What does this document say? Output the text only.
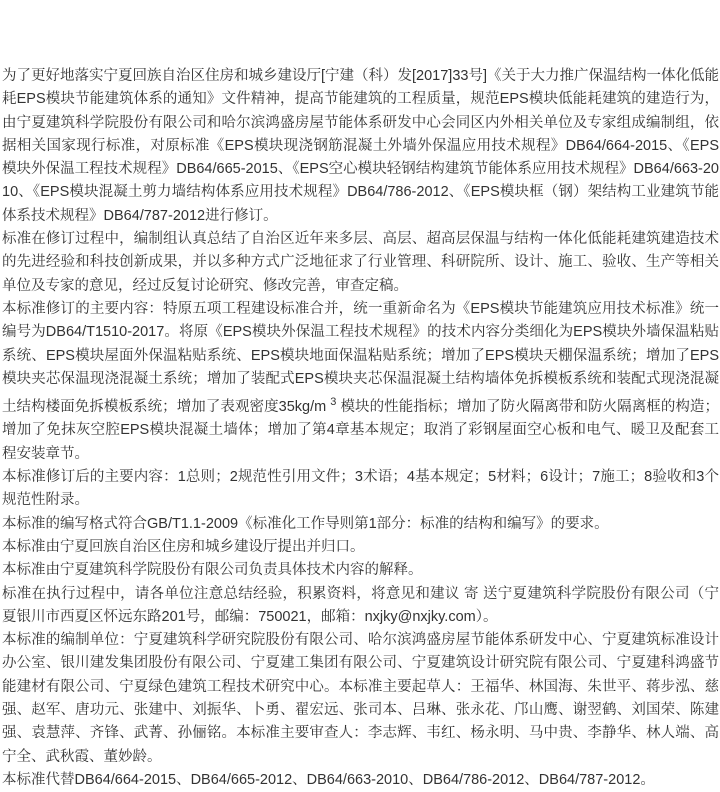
为了更好地落实宁夏回族自治区住房和城乡建设厅[宁建（科）发[2017]33号]《关于大力推广保温结构一体化低能耗EPS模块节能建筑体系的通知》文件精神，提高节能建筑的工程质量，规范EPS模块低能耗建筑的建造行为，由宁夏建筑科学院股份有限公司和哈尔滨鸿盛房屋节能体系研发中心会同区内外相关单位及专家组成编制组，依据相关国家现行标准，对原标准《EPS模块现浇钢筋混凝土外墙外保温应用技术规程》DB64/664-2015、《EPS模块外保温工程技术规程》DB64/665-2015、《EPS空心模块轻钢结构建筑节能体系应用技术规程》DB64/663-2010、《EPS模块混凝土剪力墙结构体系应用技术规程》DB64/786-2012、《EPS模块框（钢）架结构工业建筑节能体系技术规程》DB64/787-2012进行修订。

标准在修订过程中，编制组认真总结了自治区近年来多层、高层、超高层保温与结构一体化低能耗建筑建造技术的先进经验和科技创新成果，并以多种方式广泛地征求了行业管理、科研院所、设计、施工、验收、生产等相关单位及专家的意见，经过反复讨论研究、修改完善，审查定稿。

本标准修订的主要内容：特原五项工程建设标准合并，统一重新命名为《EPS模块节能建筑应用技术标准》统一编号为DB64/T1510-2017。将原《EPS模块外保温工程技术规程》的技术内容分类细化为EPS模块外墙保温粘贴系统、EPS模块屋面外保温粘贴系统、EPS模块地面保温粘贴系统；增加了EPS模块天棚保温系统；增加了EPS模块夹芯保温现浇混凝土系统；增加了装配式EPS模块夹芯保温混凝土结构墙体免拆模板系统和装配式现浇混凝土结构楼面免拆模板系统；增加了表观密度35kg/m $^3$ 模块的性能指标；增加了防火隔离带和防火隔离框的构造；增加了免抹灰空腔EPS模块混凝土墙体；增加了第4章基本规定；取消了彩钢屋面空心板和电气、暖卫及配套工程安装章节。

本标准修订后的主要内容：1总则；2规范性引用文件；3术语；4基本规定；5材料；6设计；7施工；8验收和3个规范性附录。

本标准的编写格式符合GB/T1.1-2009《标准化工作导则第1部分：标准的结构和编写》的要求。

本标准由宁夏回族自治区住房和城乡建设厅提出并归口。

本标准由宁夏建筑科学院股份有限公司负责具体技术内容的解释。

标准在执行过程中，请各单位注意总结经验，积累资料，将意见和建议 寄 送宁夏建筑科学院股份有限公司（宁夏银川市西夏区怀远东路201号，邮编：750021，邮箱：nxjky@nxjky.com）。

本标准的编制单位：宁夏建筑科学研究院股份有限公司、哈尔滨鸿盛房屋节能体系研发中心、宁夏建筑标准设计办公室、银川建发集团股份有限公司、宁夏建工集团有限公司、宁夏建筑设计研究院有限公司、宁夏建科鸿盛节能建材有限公司、宁夏绿色建筑工程技术研究中心。本标准主要起草人：王福华、林国海、朱世平、蒋步泓、慈强、赵军、唐功元、张建中、刘振华、卜勇、翟宏远、张司本、吕琳、张永花、邝山鹰、谢翌鹤、刘国荣、陈建强、袁慧萍、齐锋、武菁、孙俪铭。本标准主要审查人：李志辉、韦红、杨永明、马中贵、李静华、林人端、高宁全、武秋霞、董妙龄。

本标准代替DB64/664-2015、DB64/665-2012、DB64/663-2010、DB64/786-2012、DB64/787-2012。
